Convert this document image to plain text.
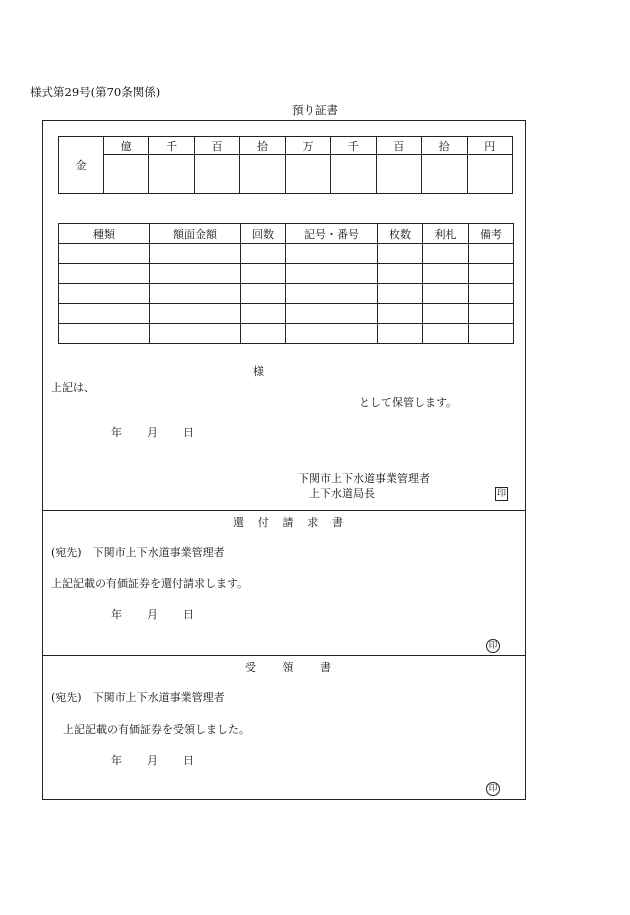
様式第29号(第70条関係)
預り証書
金	億	千	百	拾	万	千	百	拾	円

種類	額面金額	回数	記号・番号	枚数	利札	備考

様
上記は、
として保管します。
年 月 日
下関市上下水道事業管理者
上下水道局長	印
還 付 請 求 書
(宛先)　下関市上下水道事業管理者
上記記載の有価証券を還付請求します。
年 月 日
印
受 領 書
(宛先)　下関市上下水道事業管理者
上記記載の有価証券を受領しました。
年 月 日
印
